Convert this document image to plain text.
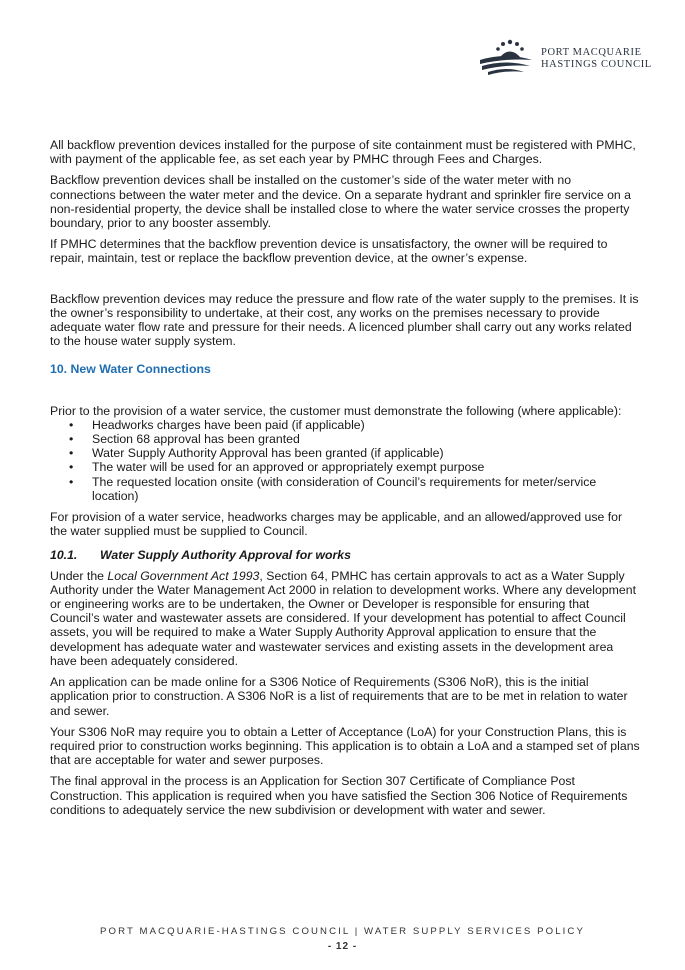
PORT MACQUARIE
HASTINGS COUNCIL

All backflow prevention devices installed for the purpose of site containment must be registered with PMHC, with payment of the applicable fee, as set each year by PMHC through Fees and Charges.

Backflow prevention devices shall be installed on the customer’s side of the water meter with no connections between the water meter and the device. On a separate hydrant and sprinkler fire service on a non-residential property, the device shall be installed close to where the water service crosses the property boundary, prior to any booster assembly.

If PMHC determines that the backflow prevention device is unsatisfactory, the owner will be required to repair, maintain, test or replace the backflow prevention device, at the owner’s expense.

Backflow prevention devices may reduce the pressure and flow rate of the water supply to the premises. It is the owner’s responsibility to undertake, at their cost, any works on the premises necessary to provide adequate water flow rate and pressure for their needs. A licenced plumber shall carry out any works related to the house water supply system.

10. New Water Connections

Prior to the provision of a water service, the customer must demonstrate the following (where applicable):

• Headworks charges have been paid (if applicable)
• Section 68 approval has been granted
• Water Supply Authority Approval has been granted (if applicable)
• The water will be used for an approved or appropriately exempt purpose
• The requested location onsite (with consideration of Council’s requirements for meter/service location)

For provision of a water service, headworks charges may be applicable, and an allowed/approved use for the water supplied must be supplied to Council.

10.1. Water Supply Authority Approval for works

Under the Local Government Act 1993, Section 64, PMHC has certain approvals to act as a Water Supply Authority under the Water Management Act 2000 in relation to development works. Where any development or engineering works are to be undertaken, the Owner or Developer is responsible for ensuring that Council’s water and wastewater assets are considered. If your development has potential to affect Council assets, you will be required to make a Water Supply Authority Approval application to ensure that the development has adequate water and wastewater services and existing assets in the development area have been adequately considered.

An application can be made online for a S306 Notice of Requirements (S306 NoR), this is the initial application prior to construction. A S306 NoR is a list of requirements that are to be met in relation to water and sewer.

Your S306 NoR may require you to obtain a Letter of Acceptance (LoA) for your Construction Plans, this is required prior to construction works beginning. This application is to obtain a LoA and a stamped set of plans that are acceptable for water and sewer purposes.

The final approval in the process is an Application for Section 307 Certificate of Compliance Post Construction. This application is required when you have satisfied the Section 306 Notice of Requirements conditions to adequately service the new subdivision or development with water and sewer.

PORT MACQUARIE-HASTINGS COUNCIL | WATER SUPPLY SERVICES POLICY
- 12 -
